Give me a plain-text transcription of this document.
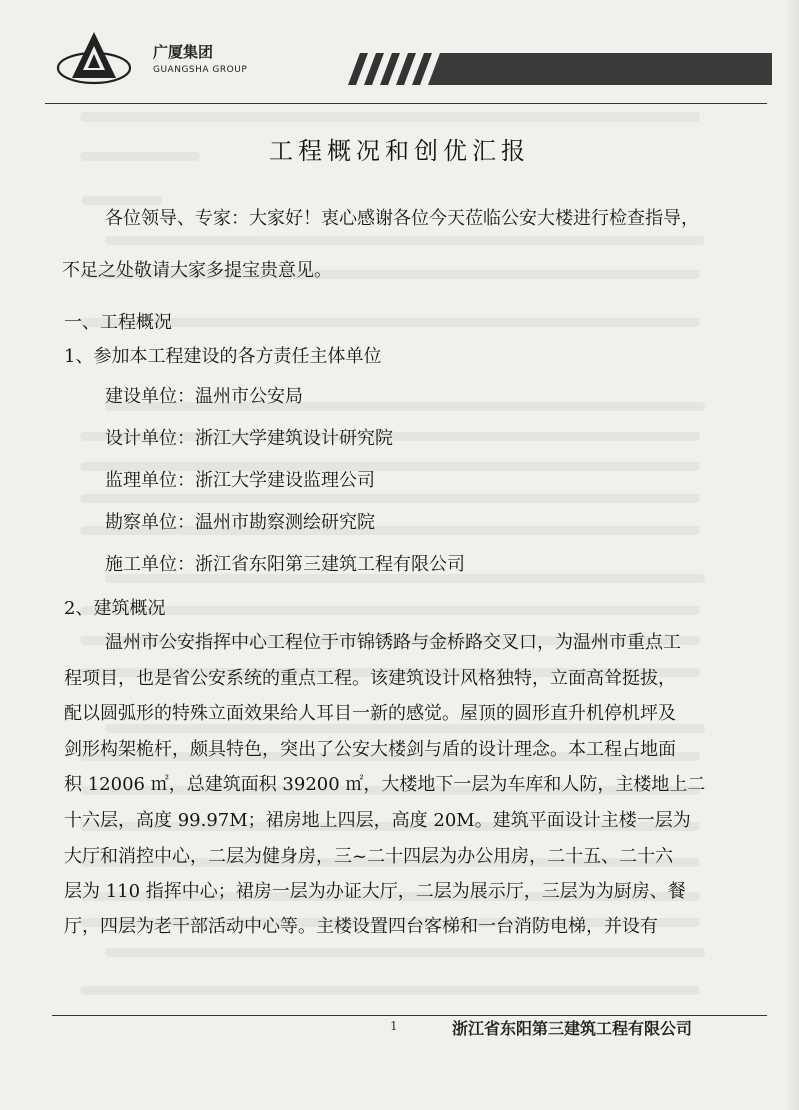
广厦集团
GUANGSHA GROUP
工程概况和创优汇报
各位领导、专家：大家好！衷心感谢各位今天莅临公安大楼进行检查指导，
不足之处敬请大家多提宝贵意见。
一、工程概况
1、参加本工程建设的各方责任主体单位
建设单位：温州市公安局
设计单位：浙江大学建筑设计研究院
监理单位：浙江大学建设监理公司
勘察单位：温州市勘察测绘研究院
施工单位：浙江省东阳第三建筑工程有限公司
2、建筑概况
温州市公安指挥中心工程位于市锦锈路与金桥路交叉口，为温州市重点工
程项目，也是省公安系统的重点工程。该建筑设计风格独特，立面高耸挺拔，
配以圆弧形的特殊立面效果给人耳目一新的感觉。屋顶的圆形直升机停机坪及
剑形构架桅杆，颇具特色，突出了公安大楼剑与盾的设计理念。本工程占地面
积 12006 ㎡，总建筑面积 39200 ㎡，大楼地下一层为车库和人防，主楼地上二
十六层，高度 99.97M；裙房地上四层，高度 20M。建筑平面设计主楼一层为
大厅和消控中心，二层为健身房，三~二十四层为办公用房，二十五、二十六
层为 110 指挥中心；裙房一层为办证大厅，二层为展示厅，三层为为厨房、餐
厅，四层为老干部活动中心等。主楼设置四台客梯和一台消防电梯，并设有
1	浙江省东阳第三建筑工程有限公司
